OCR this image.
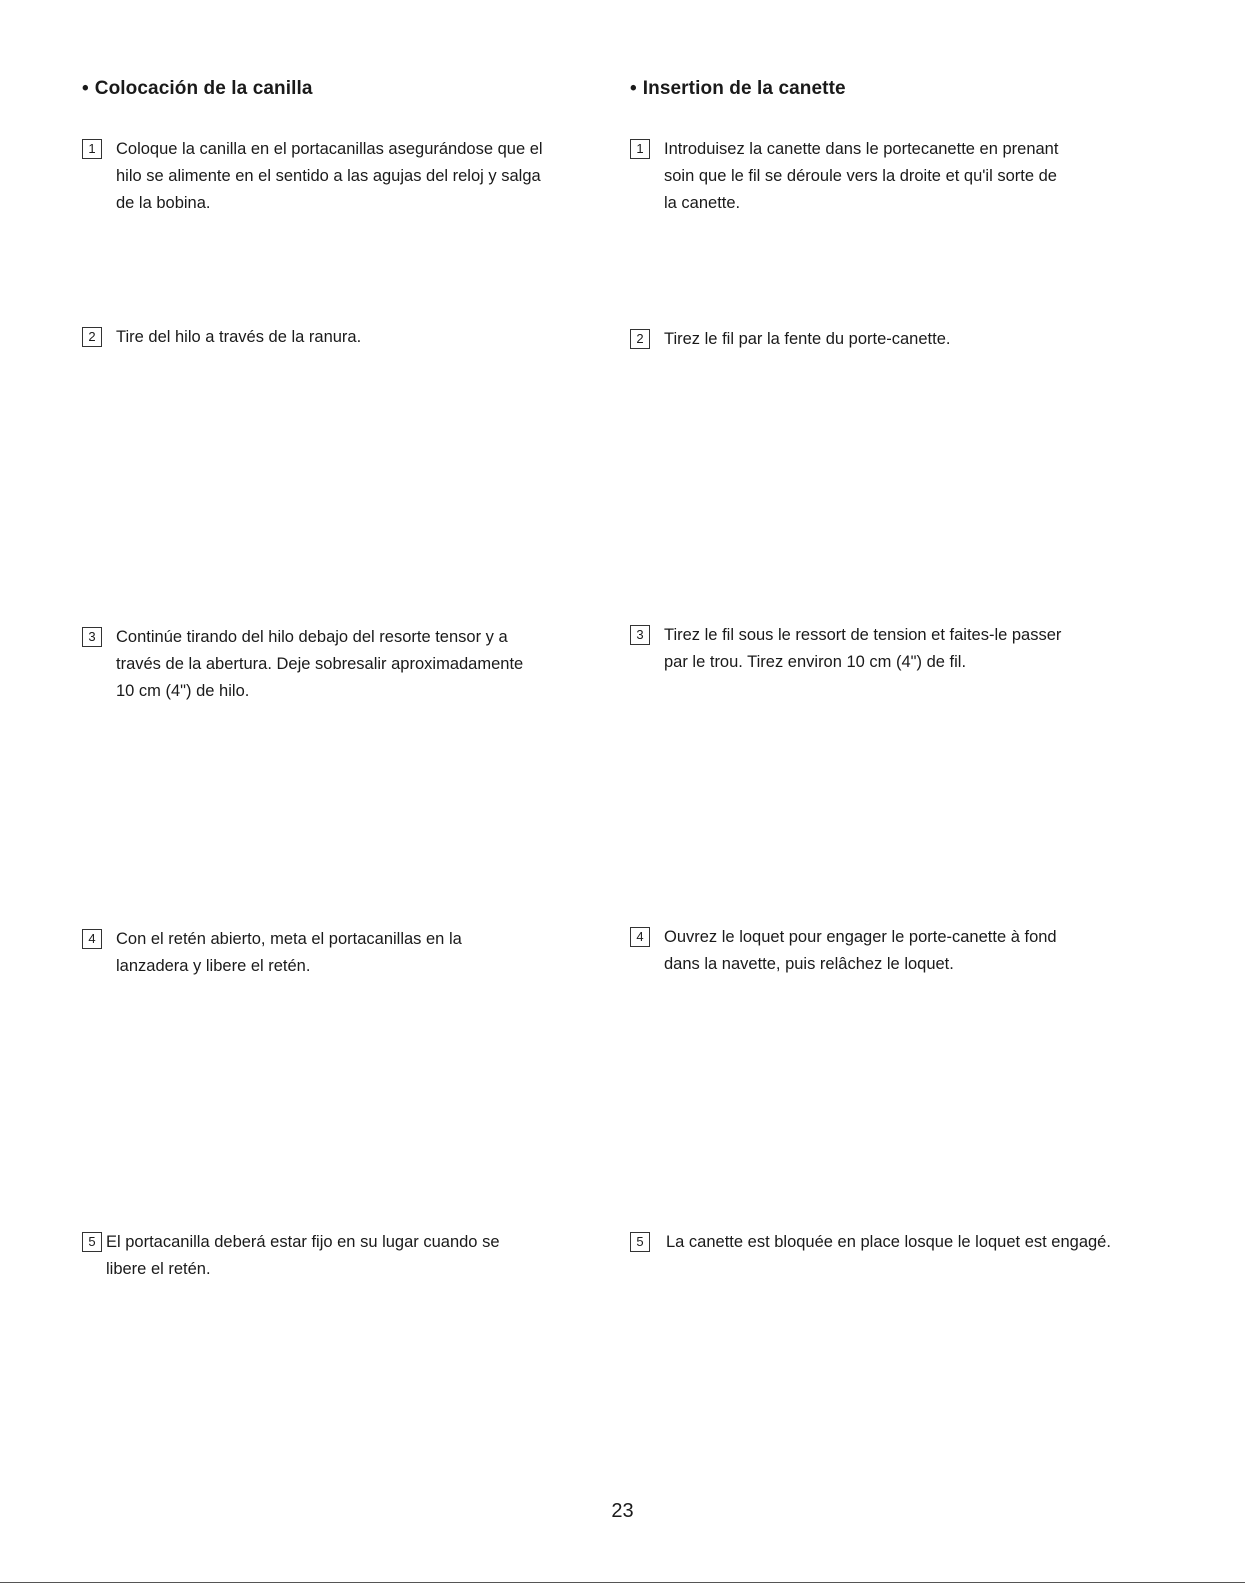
• Colocación de la canilla	• Insertion de la canette
1	Coloque la canilla en el portacanillas asegurándose que el
hilo se alimente en el sentido a las agujas del reloj y salga
de la bobina.
2	Tire del hilo a través de la ranura.
3	Continúe tirando del hilo debajo del resorte tensor y a
través de la abertura. Deje sobresalir aproximadamente
10 cm (4") de hilo.
4	Con el retén abierto, meta el portacanillas en la
lanzadera y libere el retén.
5 El portacanilla deberá estar fijo en su lugar cuando se
libere el retén.
1	Introduisez la canette dans le portecanette en prenant
soin que le fil se déroule vers la droite et qu'il sorte de
la canette.
2	Tirez le fil par la fente du porte-canette.
3	Tirez le fil sous le ressort de tension et faites-le passer
par le trou. Tirez environ 10 cm (4") de fil.
4	Ouvrez le loquet pour engager le porte-canette à fond
dans la navette, puis relâchez le loquet.
5	La canette est bloquée en place losque le loquet est engagé.
23
